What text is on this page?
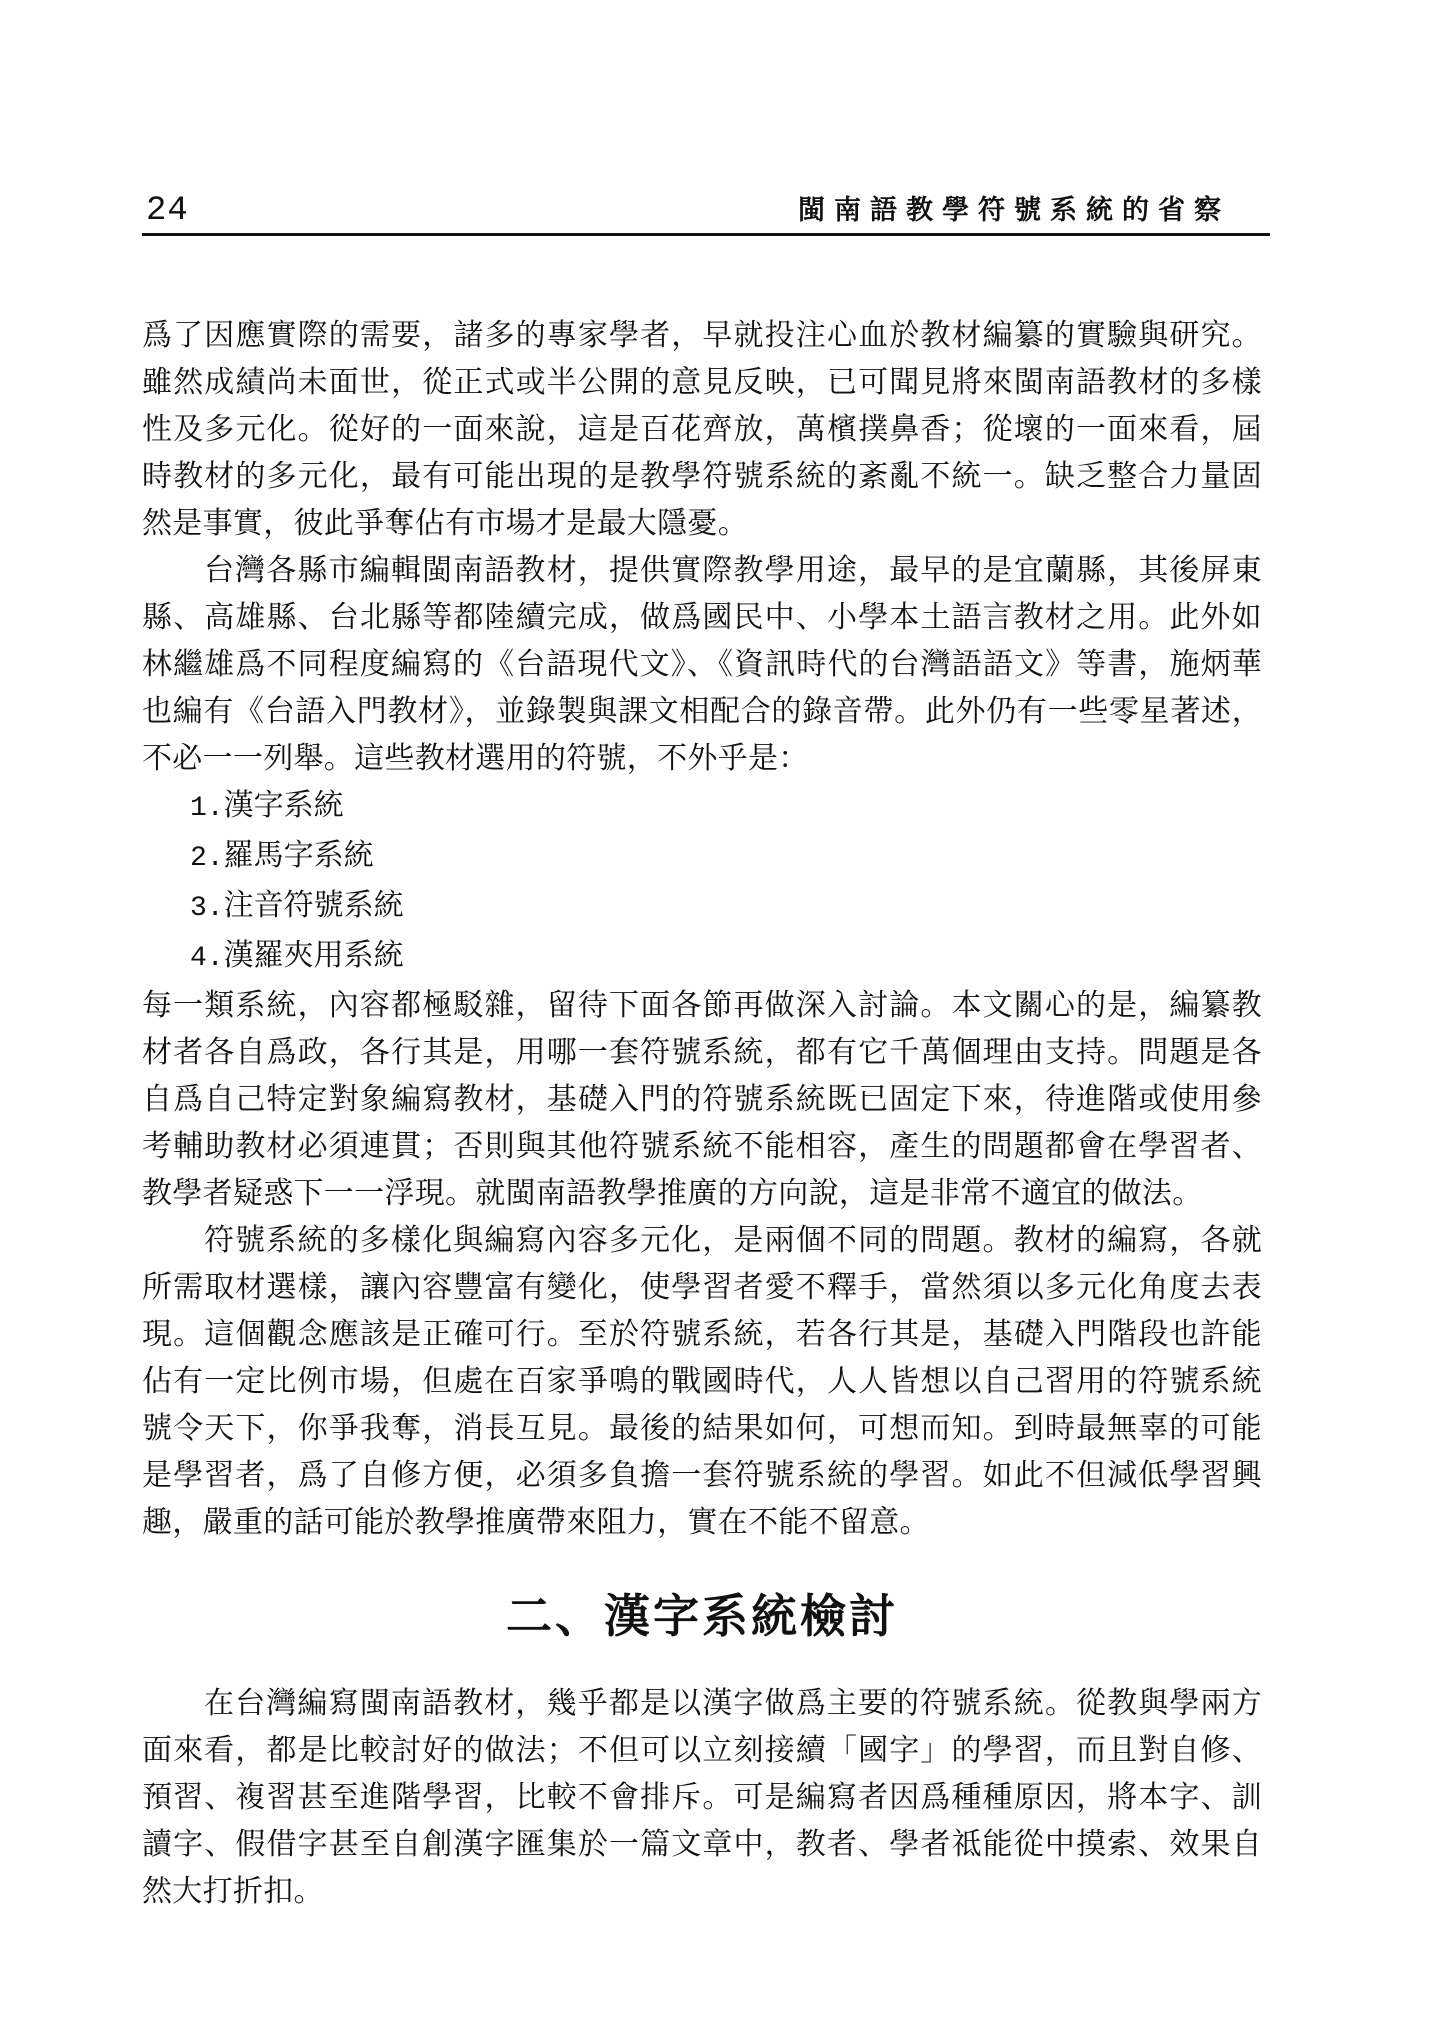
24	閩南語教學符號系統的省察

爲了因應實際的需要，諸多的專家學者，早就投注心血於教材編纂的實驗與研究。雖然成績尚未面世，從正式或半公開的意見反映，已可聞見將來閩南語教材的多樣性及多元化。從好的一面來說，這是百花齊放，萬檳撲鼻香；從壞的一面來看，屆時教材的多元化，最有可能出現的是教學符號系統的紊亂不統一。缺乏整合力量固然是事實，彼此爭奪佔有市場才是最大隱憂。

台灣各縣市編輯閩南語教材，提供實際教學用途，最早的是宜蘭縣，其後屏東縣、高雄縣、台北縣等都陸續完成，做爲國民中、小學本土語言教材之用。此外如林繼雄爲不同程度編寫的《台語現代文》、《資訊時代的台灣語語文》等書，施炳華也編有《台語入門教材》，並錄製與課文相配合的錄音帶。此外仍有一些零星著述，不必一一列舉。這些教材選用的符號，不外乎是：

1.漢字系統
2.羅馬字系統
3.注音符號系統
4.漢羅夾用系統

每一類系統，內容都極駁雜，留待下面各節再做深入討論。本文關心的是，編纂教材者各自爲政，各行其是，用哪一套符號系統，都有它千萬個理由支持。問題是各自爲自己特定對象編寫教材，基礎入門的符號系統既已固定下來，待進階或使用參考輔助教材必須連貫；否則與其他符號系統不能相容，產生的問題都會在學習者、教學者疑惑下一一浮現。就閩南語教學推廣的方向說，這是非常不適宜的做法。

符號系統的多樣化與編寫內容多元化，是兩個不同的問題。教材的編寫，各就所需取材選樣，讓內容豐富有變化，使學習者愛不釋手，當然須以多元化角度去表現。這個觀念應該是正確可行。至於符號系統，若各行其是，基礎入門階段也許能佔有一定比例市場，但處在百家爭鳴的戰國時代，人人皆想以自己習用的符號系統號令天下，你爭我奪，消長互見。最後的結果如何，可想而知。到時最無辜的可能是學習者，爲了自修方便，必須多負擔一套符號系統的學習。如此不但減低學習興趣，嚴重的話可能於教學推廣帶來阻力，實在不能不留意。

二、漢字系統檢討

在台灣編寫閩南語教材，幾乎都是以漢字做爲主要的符號系統。從教與學兩方面來看，都是比較討好的做法；不但可以立刻接續「國字」的學習，而且對自修、預習、複習甚至進階學習，比較不會排斥。可是編寫者因爲種種原因，將本字、訓讀字、假借字甚至自創漢字匯集於一篇文章中，教者、學者祗能從中摸索、效果自然大打折扣。
